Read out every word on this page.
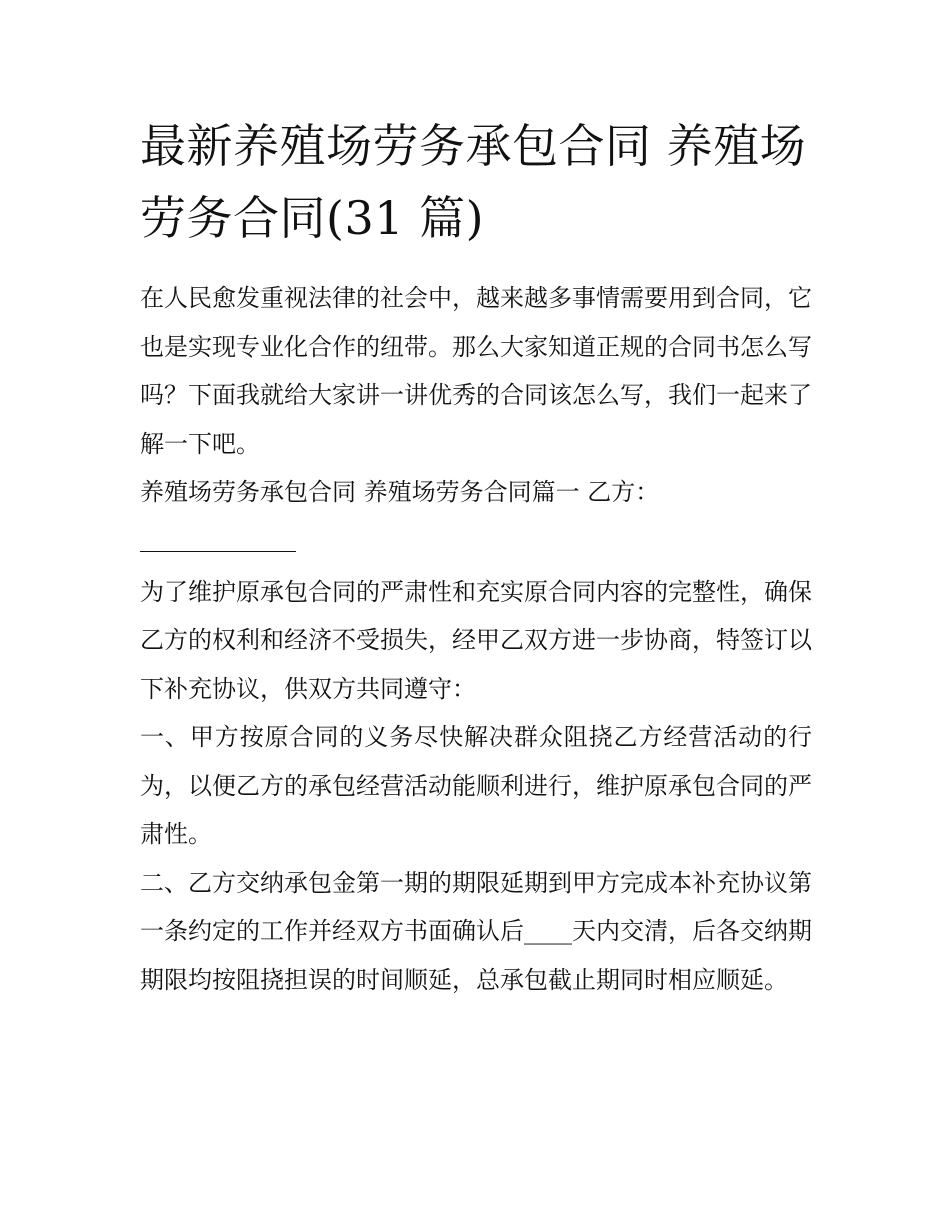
最新养殖场劳务承包合同 养殖场劳务合同(31 篇)

在人民愈发重视法律的社会中，越来越多事情需要用到合同，它也是实现专业化合作的纽带。那么大家知道正规的合同书怎么写吗？下面我就给大家讲一讲优秀的合同该怎么写，我们一起来了解一下吧。

养殖场劳务承包合同 养殖场劳务合同篇一 乙方：

为了维护原承包合同的严肃性和充实原合同内容的完整性，确保乙方的权利和经济不受损失，经甲乙双方进一步协商，特签订以下补充协议，供双方共同遵守：

一、甲方按原合同的义务尽快解决群众阻挠乙方经营活动的行为，以便乙方的承包经营活动能顺利进行，维护原承包合同的严肃性。

二、乙方交纳承包金第一期的期限延期到甲方完成本补充协议第一条约定的工作并经双方书面确认后____天内交清，后各交纳期期限均按阻挠担误的时间顺延，总承包截止期同时相应顺延。
